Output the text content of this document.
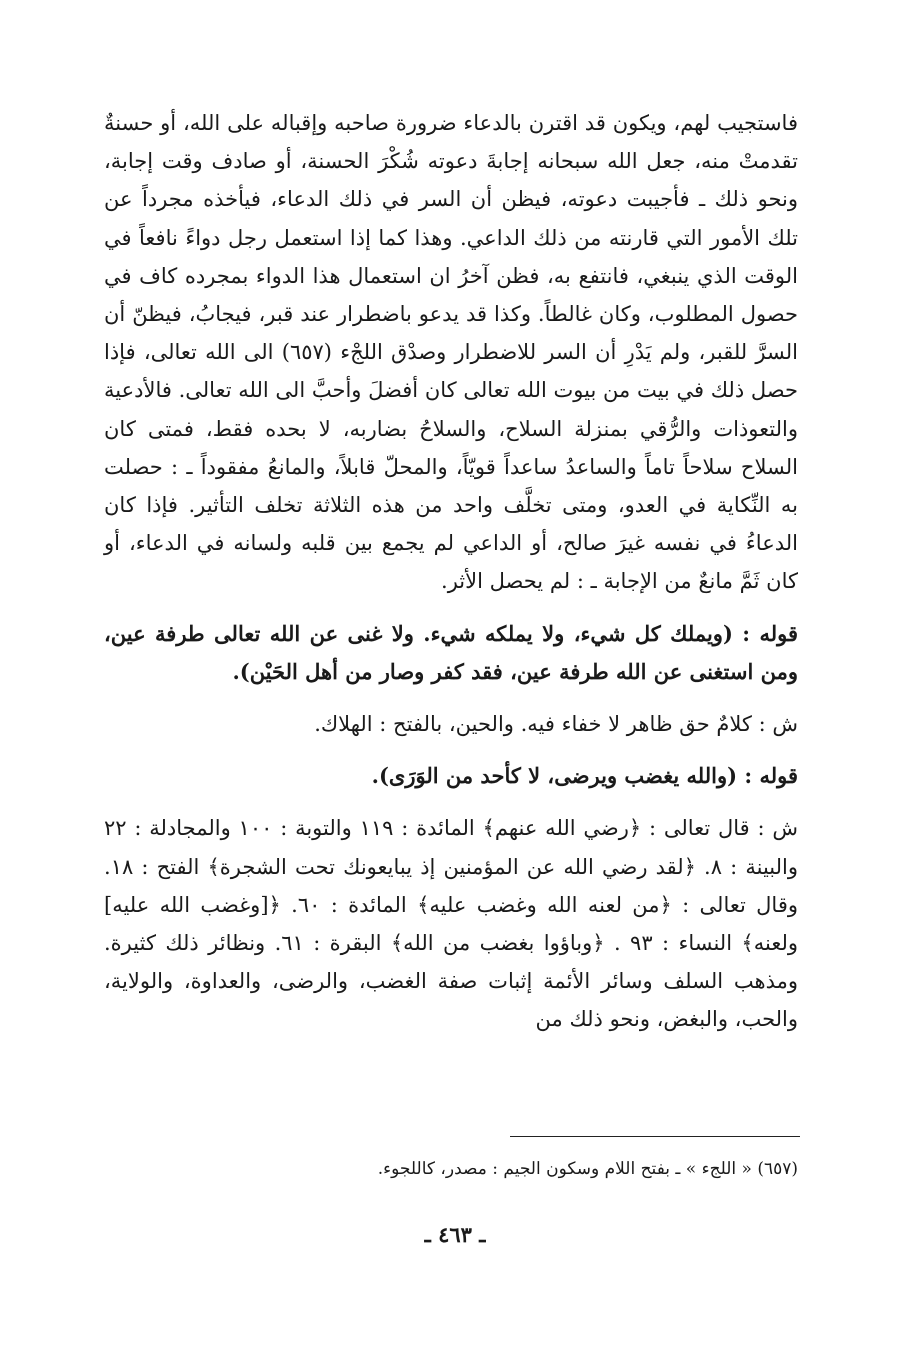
فاستجيب لهم، ويكون قد اقترن بالدعاء ضرورة صاحبه وإقباله على الله، أو حسنةٌ تقدمتْ منه، جعل الله سبحانه إجابةَ دعوته شُكْرَ الحسنة، أو صادف وقت إجابة، ونحو ذلك ـ فأجيبت دعوته، فيظن أن السر في ذلك الدعاء، فيأخذه مجرداً عن تلك الأمور التي قارنته من ذلك الداعي. وهذا كما إذا استعمل رجل دواءً نافعاً في الوقت الذي ينبغي، فانتفع به، فظن آخرُ ان استعمال هذا الدواء بمجرده كاف في حصول المطلوب، وكان غالطاً. وكذا قد يدعو باضطرار عند قبر، فيجابُ، فيظنّ أن السرَّ للقبر، ولم يَدْرِ أن السر للاضطرار وصدْق اللجْء (٦٥٧) الى الله تعالى، فإذا حصل ذلك في بيت من بيوت الله تعالى كان أفضلَ وأحبَّ الى الله تعالى. فالأدعية والتعوذات والرُّقي بمنزلة السلاح، والسلاحُ بضاربه، لا بحده فقط، فمتى كان السلاح سلاحاً تاماً والساعدُ ساعداً قويّاً، والمحلّ قابلاً، والمانعُ مفقوداً ـ : حصلت به النِّكاية في العدو، ومتى تخلَّف واحد من هذه الثلاثة تخلف التأثير. فإذا كان الدعاءُ في نفسه غيرَ صالح، أو الداعي لم يجمع بين قلبه ولسانه في الدعاء، أو كان ثَمَّ مانعٌ من الإجابة ـ : لم يحصل الأثر.

قوله : (ويملك كل شيء، ولا يملكه شيء. ولا غنى عن الله تعالى طرفة عين، ومن استغنى عن الله طرفة عين، فقد كفر وصار من أهل الحَيْن).

ش : كلامٌ حق ظاهر لا خفاء فيه. والحين، بالفتح : الهلاك.

قوله : (والله يغضب ويرضى، لا كأحد من الوَرَى).

ش : قال تعالى : ﴿رضي الله عنهم﴾ المائدة : ١١٩ والتوبة : ١٠٠ والمجادلة : ٢٢ والبينة : ٨. ﴿لقد رضي الله عن المؤمنين إذ يبايعونك تحت الشجرة﴾ الفتح : ١٨. وقال تعالى : ﴿من لعنه الله وغضب عليه﴾ المائدة : ٦٠. ﴿[وغضب الله عليه] ولعنه﴾ النساء : ٩٣ . ﴿وباؤوا بغضب من الله﴾ البقرة : ٦١. ونظائر ذلك كثيرة. ومذهب السلف وسائر الأئمة إثبات صفة الغضب، والرضى، والعداوة، والولاية، والحب، والبغض، ونحو ذلك من

(٦٥٧) « اللجء » ـ بفتح اللام وسكون الجيم : مصدر، كاللجوء.
ـ ٤٦٣ ـ
